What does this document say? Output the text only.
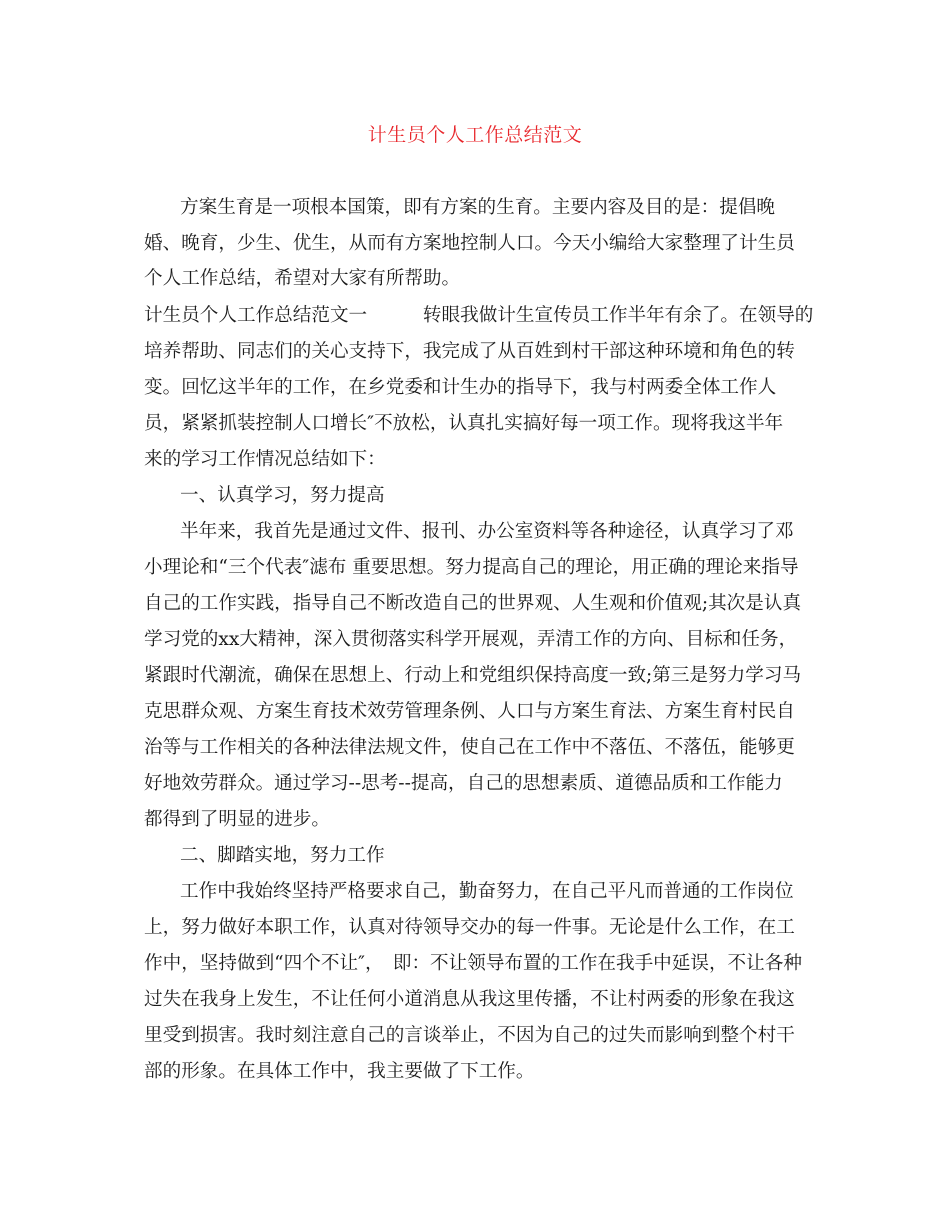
计生员个人工作总结范文
方案生育是一项根本国策，即有方案的生育。主要内容及目的是：提倡晚
婚、晚育，少生、优生，从而有方案地控制人口。今天小编给大家整理了计生员
个人工作总结，希望对大家有所帮助。
计生员个人工作总结范文一　　　转眼我做计生宣传员工作半年有余了。在领导的
培养帮助、同志们的关心支持下，我完成了从百姓到村干部这种环境和角色的转
变。回忆这半年的工作，在乡党委和计生办的指导下，我与村两委全体工作人
员，紧紧抓装控制人口增长″不放松，认真扎实搞好每一项工作。现将我这半年
来的学习工作情况总结如下：
一、认真学习，努力提高
半年来，我首先是通过文件、报刊、办公室资料等各种途径，认真学习了邓
小理论和“三个代表″滤布 重要思想。努力提高自己的理论，用正确的理论来指导
自己的工作实践，指导自己不断改造自己的世界观、人生观和价值观;其次是认真
学习党的xx大精神，深入贯彻落实科学开展观，弄清工作的方向、目标和任务，
紧跟时代潮流，确保在思想上、行动上和党组织保持高度一致;第三是努力学习马
克思群众观、方案生育技术效劳管理条例、人口与方案生育法、方案生育村民自
治等与工作相关的各种法律法规文件，使自己在工作中不落伍、不落伍，能够更
好地效劳群众。通过学习--思考--提高，自己的思想素质、道德品质和工作能力
都得到了明显的进步。
二、脚踏实地，努力工作
工作中我始终坚持严格要求自己，勤奋努力，在自己平凡而普通的工作岗位
上，努力做好本职工作，认真对待领导交办的每一件事。无论是什么工作，在工
作中，坚持做到“四个不让″，　即：不让领导布置的工作在我手中延误，不让各种
过失在我身上发生，不让任何小道消息从我这里传播，不让村两委的形象在我这
里受到损害。我时刻注意自己的言谈举止，不因为自己的过失而影响到整个村干
部的形象。在具体工作中，我主要做了下工作。
